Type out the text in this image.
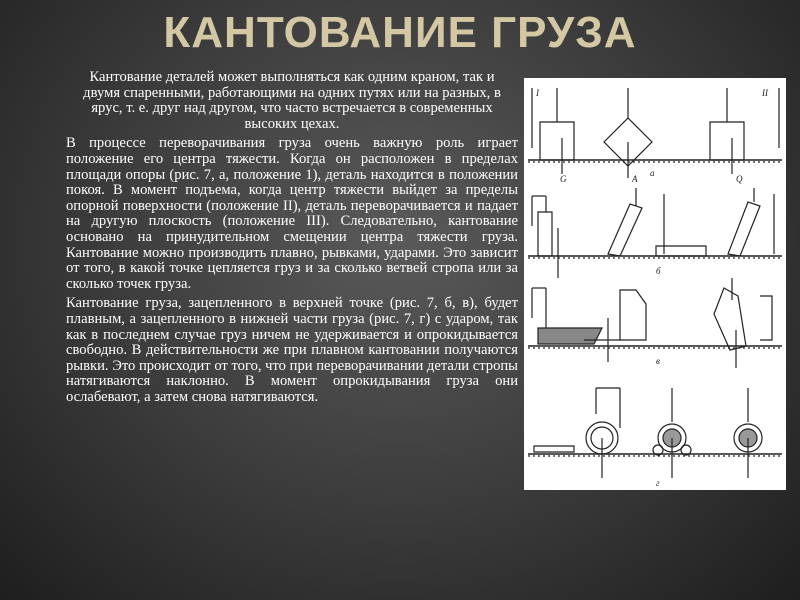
КАНТОВАНИЕ ГРУЗА

Кантование деталей может выполняться как одним краном, так и двумя спаренными, работающими на одних путях или на разных, в ярус, т. е. друг над другом, что часто встречается в современных высоких цехах.

В процессе переворачивания груза очень важную роль играет положение его центра тяжести. Когда он расположен в пределах площади опоры (рис. 7, а, положение 1), деталь находится в положении покоя. В момент подъема, когда центр тяжести выйдет за пределы опорной поверхности (положение II), деталь переворачивается и падает на другую плоскость (положение III). Следовательно, кантование основано на принудительном смещении центра тяжести груза. Кантование можно производить плавно, рывками, ударами. Это зависит от того, в какой точке цепляется груз и за сколько ветвей стропа или за сколько точек груза.

Кантование груза, зацепленного в верхней точке (рис. 7, б, в), будет плавным, а зацепленного в нижней части груза (рис. 7, г) с ударом, так как в последнем случае груз ничем не удерживается и опрокидывается свободно. В действительности же при плавном кантовании получаются рывки. Это происходит от того, что при переворачивании детали стропы натягиваются наклонно. В момент опрокидывания груза они ослабевают, а затем снова натягиваются.

I	II
G	A	Q
а
б
в
г
